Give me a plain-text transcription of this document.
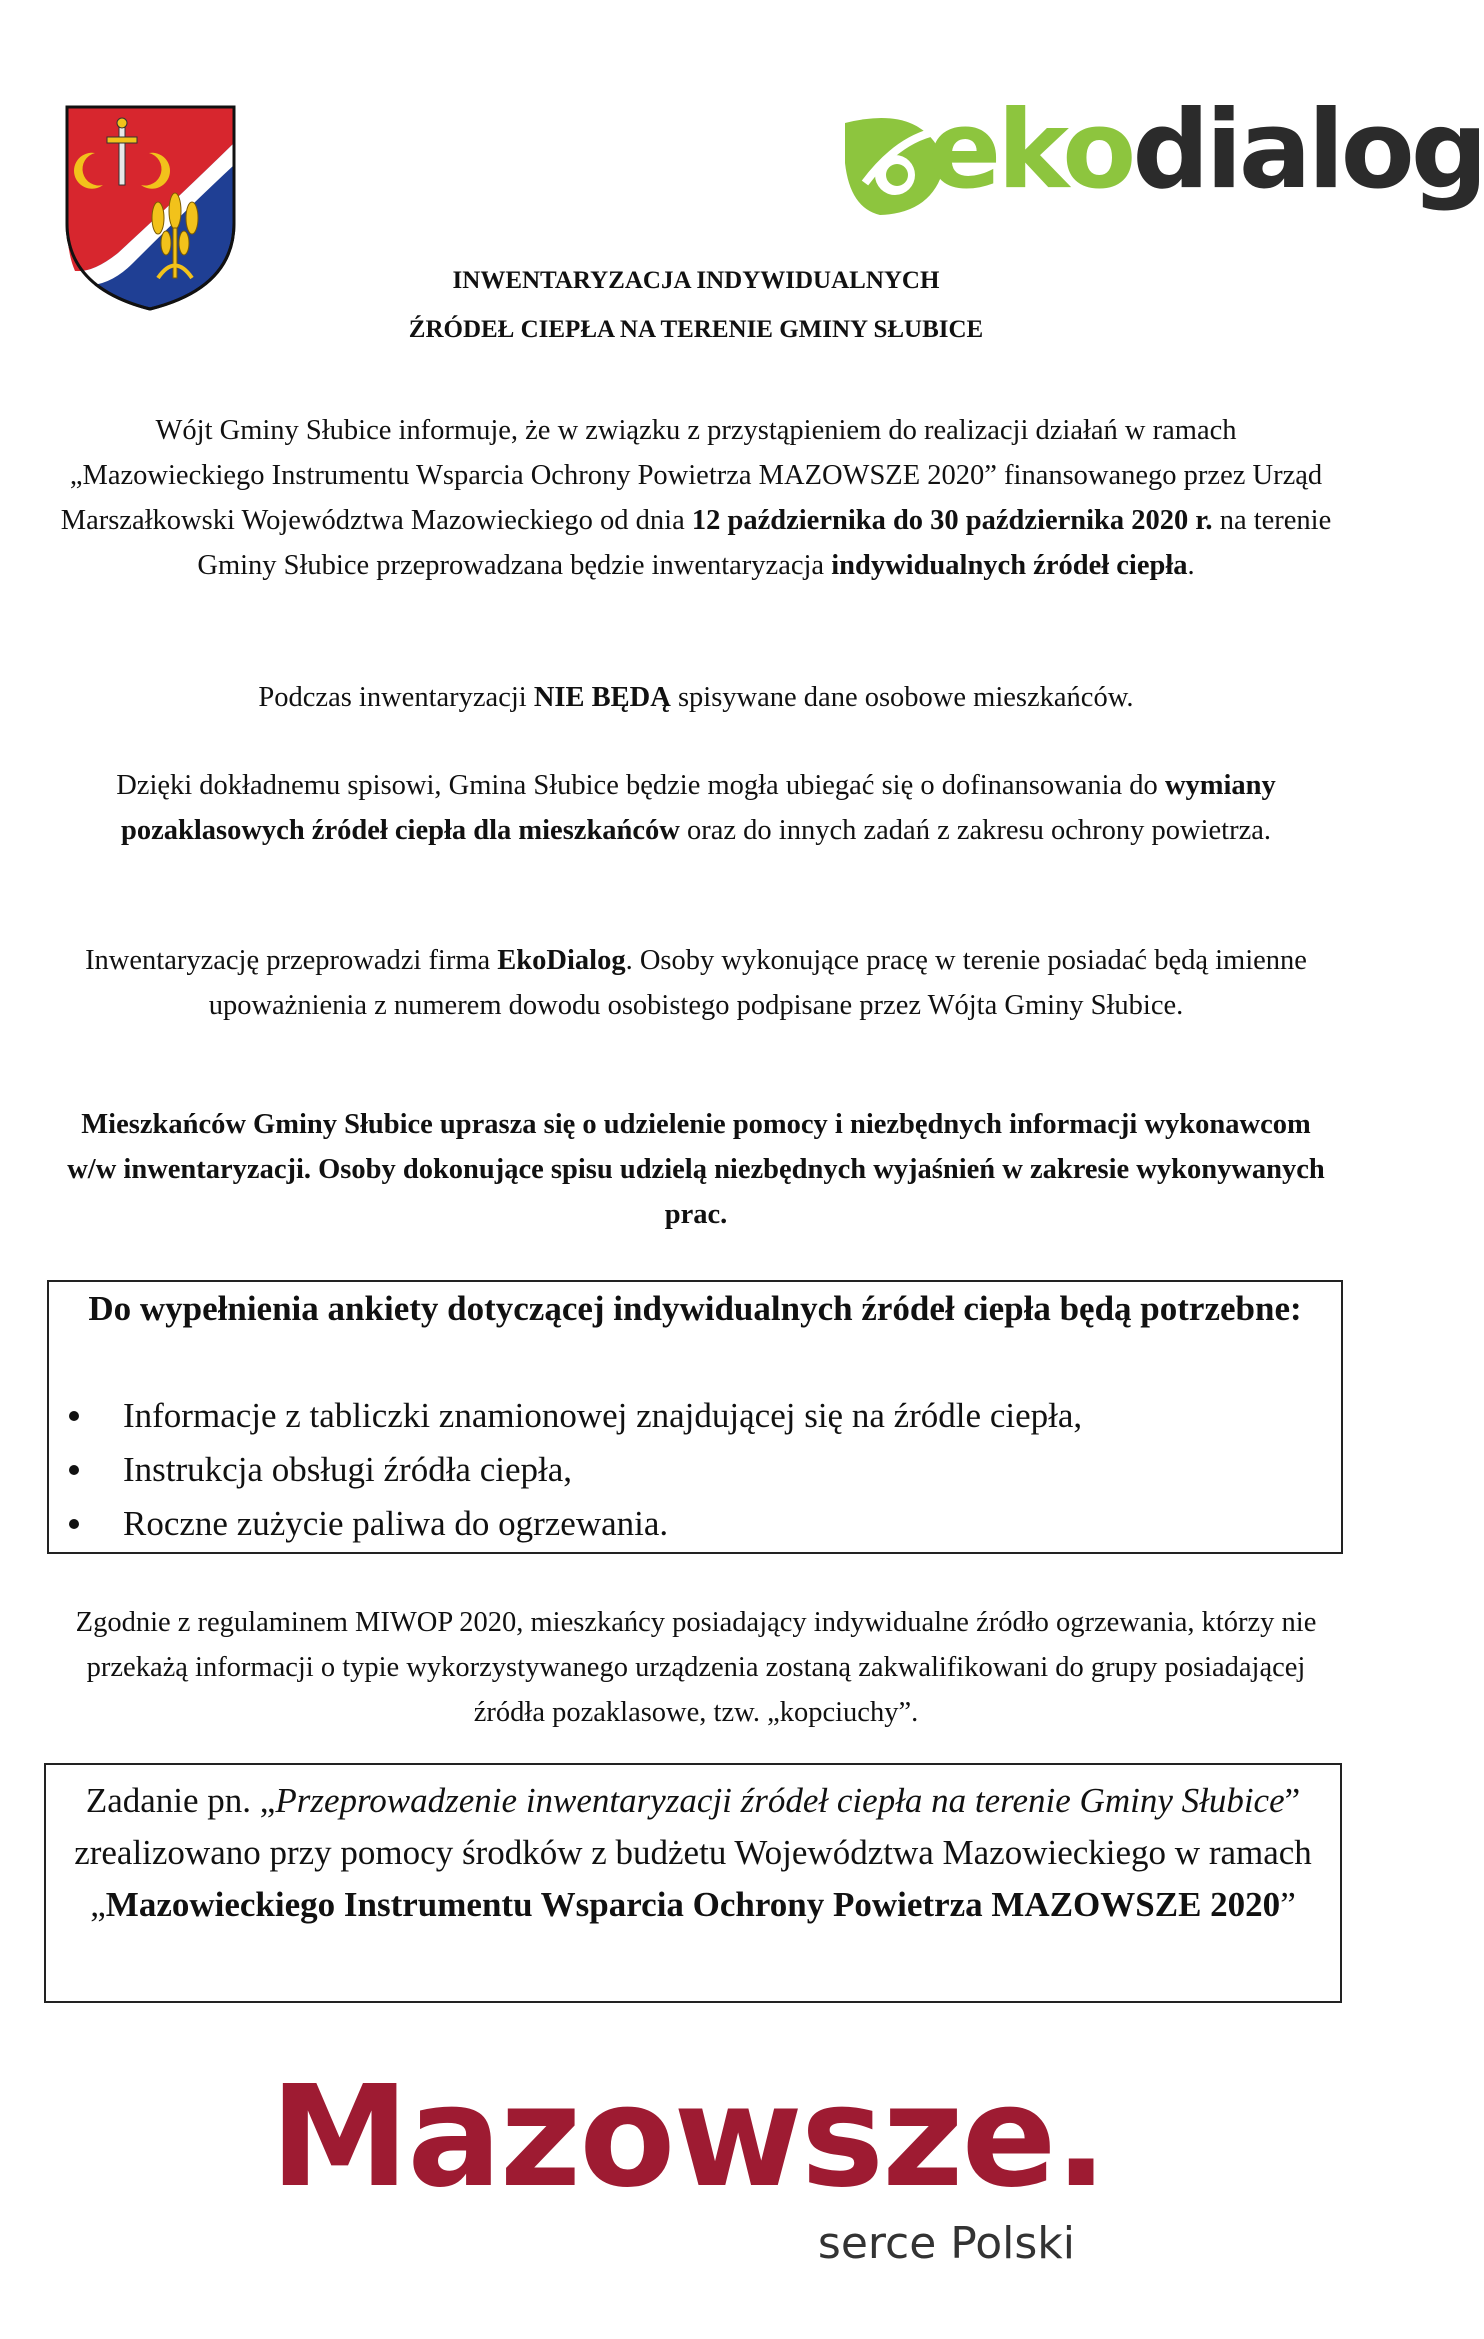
ekodialog
INWENTARYZACJA INDYWIDUALNYCH
ŹRÓDEŁ CIEPŁA NA TERENIE GMINY SŁUBICE
Wójt Gminy Słubice informuje, że w związku z przystąpieniem do realizacji działań w ramach „Mazowieckiego Instrumentu Wsparcia Ochrony Powietrza MAZOWSZE 2020” finansowanego przez Urząd Marszałkowski Województwa Mazowieckiego od dnia 12 października do 30 października 2020 r. na terenie Gminy Słubice przeprowadzana będzie inwentaryzacja indywidualnych źródeł ciepła.
Podczas inwentaryzacji NIE BĘDĄ spisywane dane osobowe mieszkańców.
Dzięki dokładnemu spisowi, Gmina Słubice będzie mogła ubiegać się o dofinansowania do wymiany pozaklasowych źródeł ciepła dla mieszkańców oraz do innych zadań z zakresu ochrony powietrza.
Inwentaryzację przeprowadzi firma EkoDialog. Osoby wykonujące pracę w terenie posiadać będą imienne upoważnienia z numerem dowodu osobistego podpisane przez Wójta Gminy Słubice.
Mieszkańców Gminy Słubice uprasza się o udzielenie pomocy i niezbędnych informacji wykonawcom w/w inwentaryzacji. Osoby dokonujące spisu udzielą niezbędnych wyjaśnień w zakresie wykonywanych prac.
Do wypełnienia ankiety dotyczącej indywidualnych źródeł ciepła będą potrzebne:
Informacje z tabliczki znamionowej znajdującej się na źródle ciepła,
Instrukcja obsługi źródła ciepła,
Roczne zużycie paliwa do ogrzewania.
Zgodnie z regulaminem MIWOP 2020, mieszkańcy posiadający indywidualne źródło ogrzewania, którzy nie przekażą informacji o typie wykorzystywanego urządzenia zostaną zakwalifikowani do grupy posiadającej źródła pozaklasowe, tzw. „kopciuchy”.
Zadanie pn. „Przeprowadzenie inwentaryzacji źródeł ciepła na terenie Gminy Słubice” zrealizowano przy pomocy środków z budżetu Województwa Mazowieckiego w ramach „Mazowieckiego Instrumentu Wsparcia Ochrony Powietrza MAZOWSZE 2020”
Mazowsze.
serce Polski
